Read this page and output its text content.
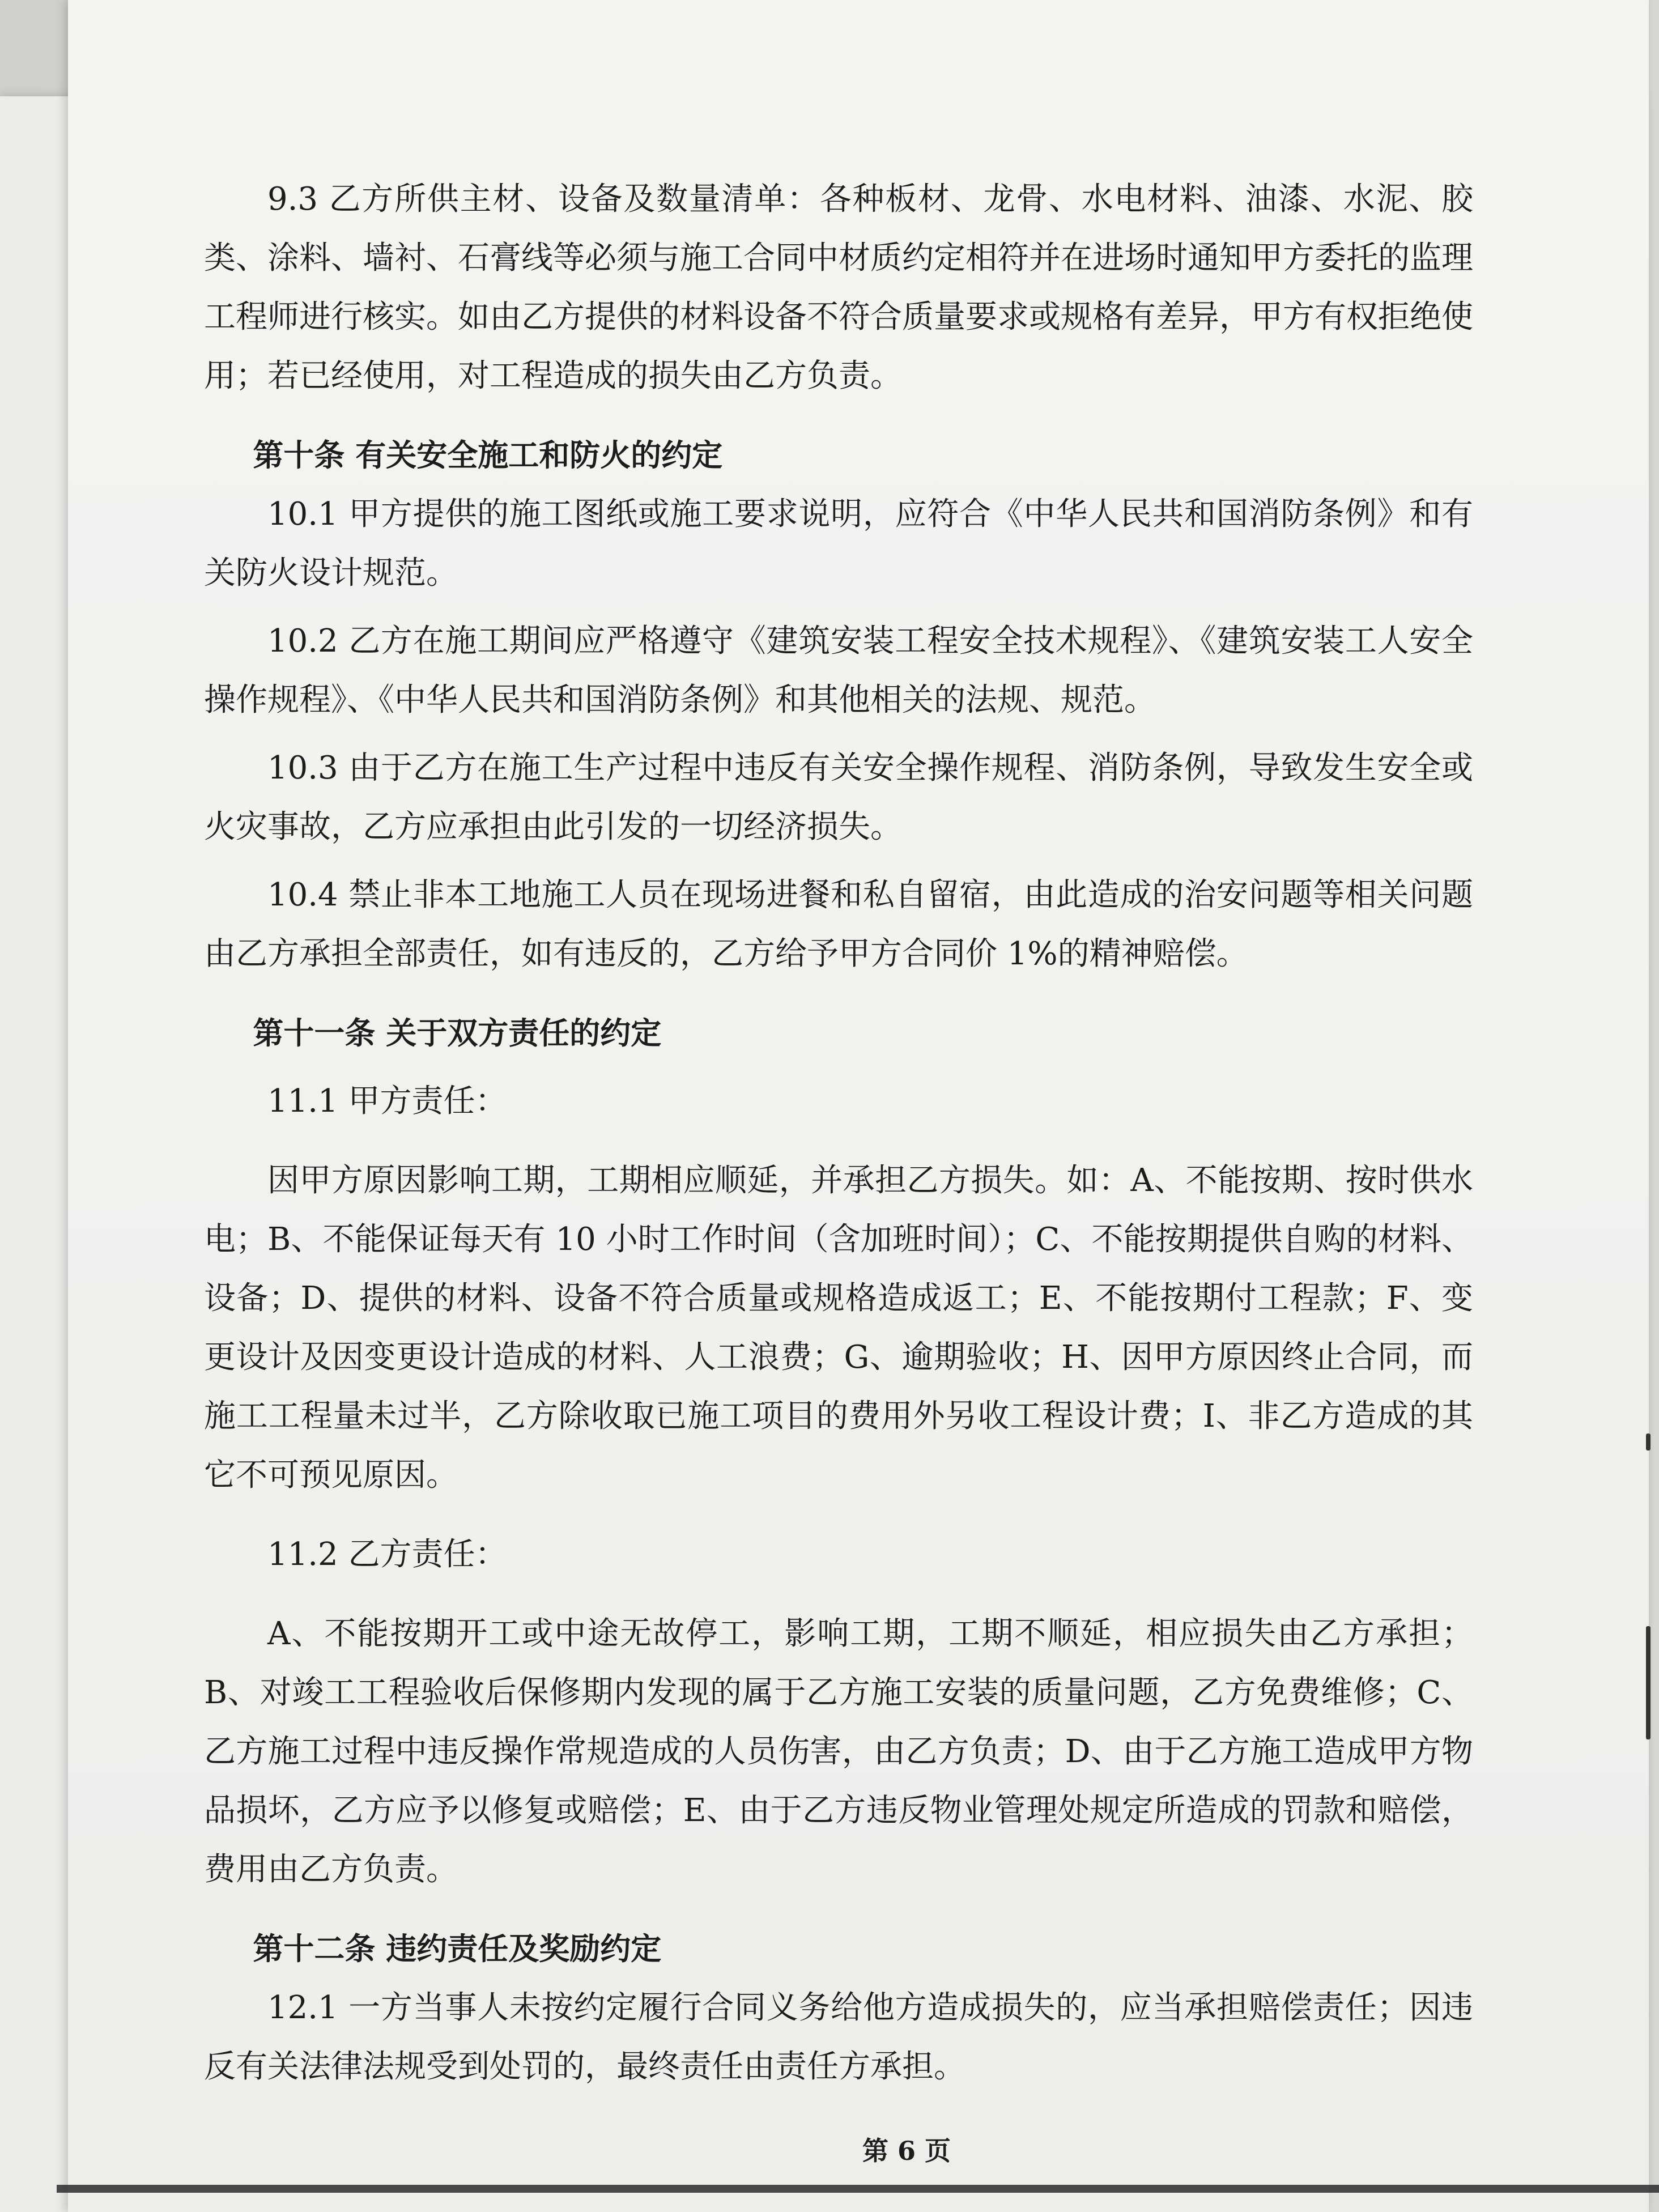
9.3 乙方所供主材、设备及数量清单：各种板材、龙骨、水电材料、油漆、水泥、胶类、涂料、墙衬、石膏线等必须与施工合同中材质约定相符并在进场时通知甲方委托的监理工程师进行核实。如由乙方提供的材料设备不符合质量要求或规格有差异，甲方有权拒绝使用；若已经使用，对工程造成的损失由乙方负责。

第十条 有关安全施工和防火的约定

10.1 甲方提供的施工图纸或施工要求说明，应符合《中华人民共和国消防条例》和有关防火设计规范。

10.2 乙方在施工期间应严格遵守《建筑安装工程安全技术规程》、《建筑安装工人安全操作规程》、《中华人民共和国消防条例》和其他相关的法规、规范。

10.3 由于乙方在施工生产过程中违反有关安全操作规程、消防条例，导致发生安全或火灾事故，乙方应承担由此引发的一切经济损失。

10.4 禁止非本工地施工人员在现场进餐和私自留宿，由此造成的治安问题等相关问题由乙方承担全部责任，如有违反的，乙方给予甲方合同价 1%的精神赔偿。

第十一条 关于双方责任的约定

11.1 甲方责任：

因甲方原因影响工期，工期相应顺延，并承担乙方损失。如：A、不能按期、按时供水电；B、不能保证每天有 10 小时工作时间（含加班时间）；C、不能按期提供自购的材料、设备；D、提供的材料、设备不符合质量或规格造成返工；E、不能按期付工程款；F、变更设计及因变更设计造成的材料、人工浪费；G、逾期验收；H、因甲方原因终止合同，而施工工程量未过半，乙方除收取已施工项目的费用外另收工程设计费；I、非乙方造成的其它不可预见原因。

11.2 乙方责任：

A、不能按期开工或中途无故停工，影响工期，工期不顺延，相应损失由乙方承担；B、对竣工工程验收后保修期内发现的属于乙方施工安装的质量问题，乙方免费维修；C、乙方施工过程中违反操作常规造成的人员伤害，由乙方负责；D、由于乙方施工造成甲方物品损坏，乙方应予以修复或赔偿；E、由于乙方违反物业管理处规定所造成的罚款和赔偿，费用由乙方负责。

第十二条 违约责任及奖励约定

12.1 一方当事人未按约定履行合同义务给他方造成损失的，应当承担赔偿责任；因违反有关法律法规受到处罚的，最终责任由责任方承担。

第 6 页
